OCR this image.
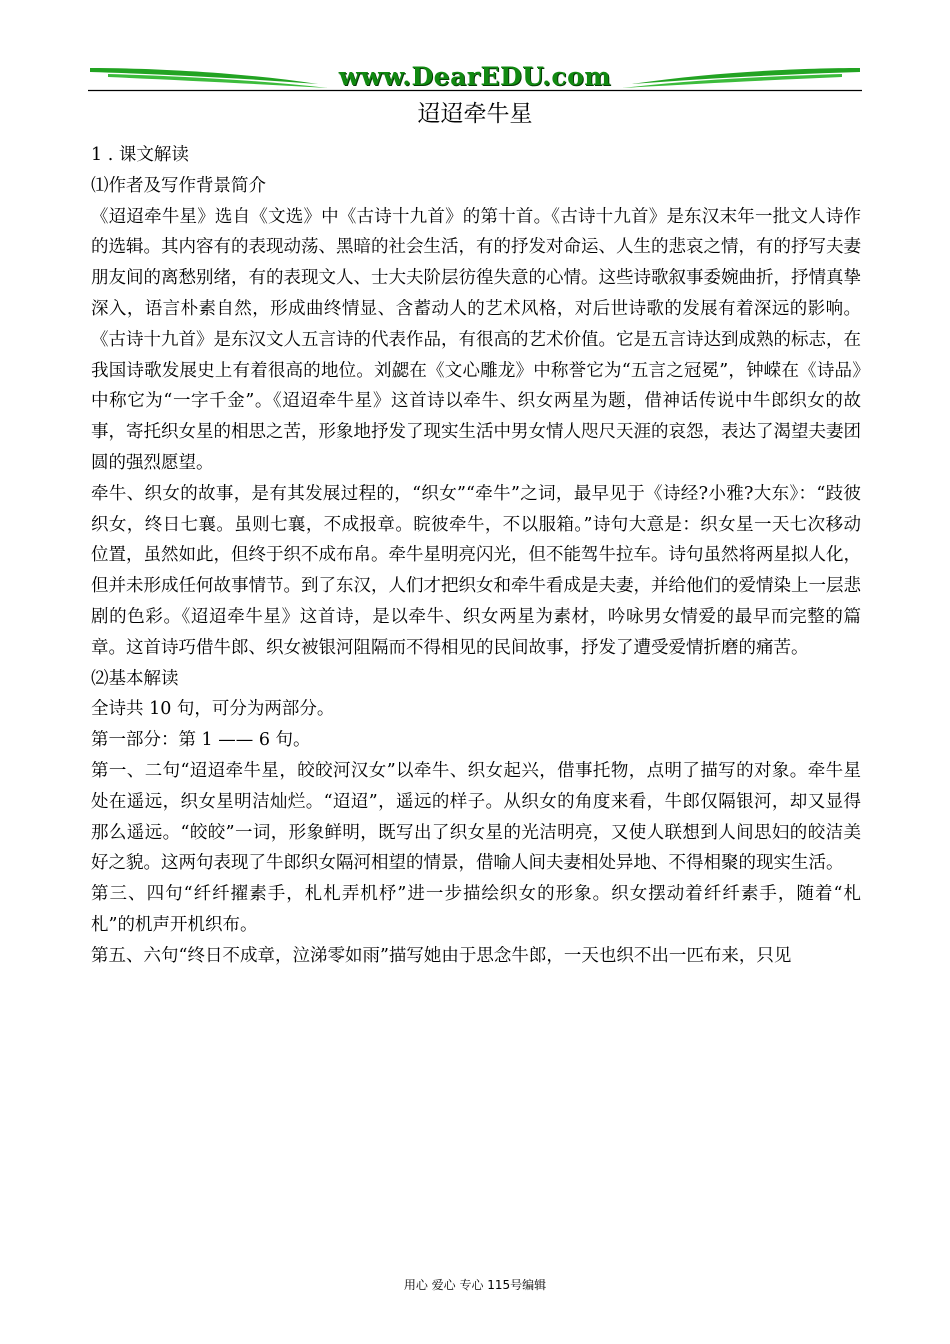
www.DearEDU.com
迢迢牵牛星

1 . 课文解读

⑴作者及写作背景简介

《迢迢牵牛星》选自《文选》中《古诗十九首》的第十首。《古诗十九首》是东汉末年一批文人诗作的选辑。其内容有的表现动荡、黑暗的社会生活，有的抒发对命运、人生的悲哀之情，有的抒写夫妻朋友间的离愁别绪，有的表现文人、士大夫阶层彷徨失意的心情。这些诗歌叙事委婉曲折，抒情真挚深入，语言朴素自然，形成曲终情显、含蓄动人的艺术风格，对后世诗歌的发展有着深远的影响。《古诗十九首》是东汉文人五言诗的代表作品，有很高的艺术价值。它是五言诗达到成熟的标志，在我国诗歌发展史上有着很高的地位。刘勰在《文心雕龙》中称誉它为“五言之冠冕”，钟嵘在《诗品》中称它为“一字千金”。《迢迢牵牛星》这首诗以牵牛、织女两星为题，借神话传说中牛郎织女的故事，寄托织女星的相思之苦，形象地抒发了现实生活中男女情人咫尺天涯的哀怨，表达了渴望夫妻团圆的强烈愿望。

牵牛、织女的故事，是有其发展过程的，“织女”“牵牛”之词，最早见于《诗经?小雅?大东》：“跂彼织女，终日七襄。虽则七襄，不成报章。睆彼牵牛，不以服箱。”诗句大意是：织女星一天七次移动位置，虽然如此，但终于织不成布帛。牵牛星明亮闪光，但不能驾牛拉车。诗句虽然将两星拟人化，但并未形成任何故事情节。到了东汉，人们才把织女和牵牛看成是夫妻，并给他们的爱情染上一层悲剧的色彩。《迢迢牵牛星》这首诗，是以牵牛、织女两星为素材，吟咏男女情爱的最早而完整的篇章。这首诗巧借牛郎、织女被银河阻隔而不得相见的民间故事，抒发了遭受爱情折磨的痛苦。

⑵基本解读

全诗共 10 句，可分为两部分。

第一部分：第 1 —— 6 句。

第一、二句“迢迢牵牛星，皎皎河汉女”以牵牛、织女起兴，借事托物，点明了描写的对象。牵牛星处在遥远，织女星明洁灿烂。“迢迢”，遥远的样子。从织女的角度来看，牛郎仅隔银河，却又显得那么遥远。“皎皎”一词，形象鲜明，既写出了织女星的光洁明亮，又使人联想到人间思妇的皎洁美好之貌。这两句表现了牛郎织女隔河相望的情景，借喻人间夫妻相处异地、不得相聚的现实生活。

第三、四句“纤纤擢素手，札札弄机杼”进一步描绘织女的形象。织女摆动着纤纤素手，随着“札札”的机声开机织布。

第五、六句“终日不成章，泣涕零如雨”描写她由于思念牛郎，一天也织不出一匹布来，只见

用心 爱心 专心 115号编辑
